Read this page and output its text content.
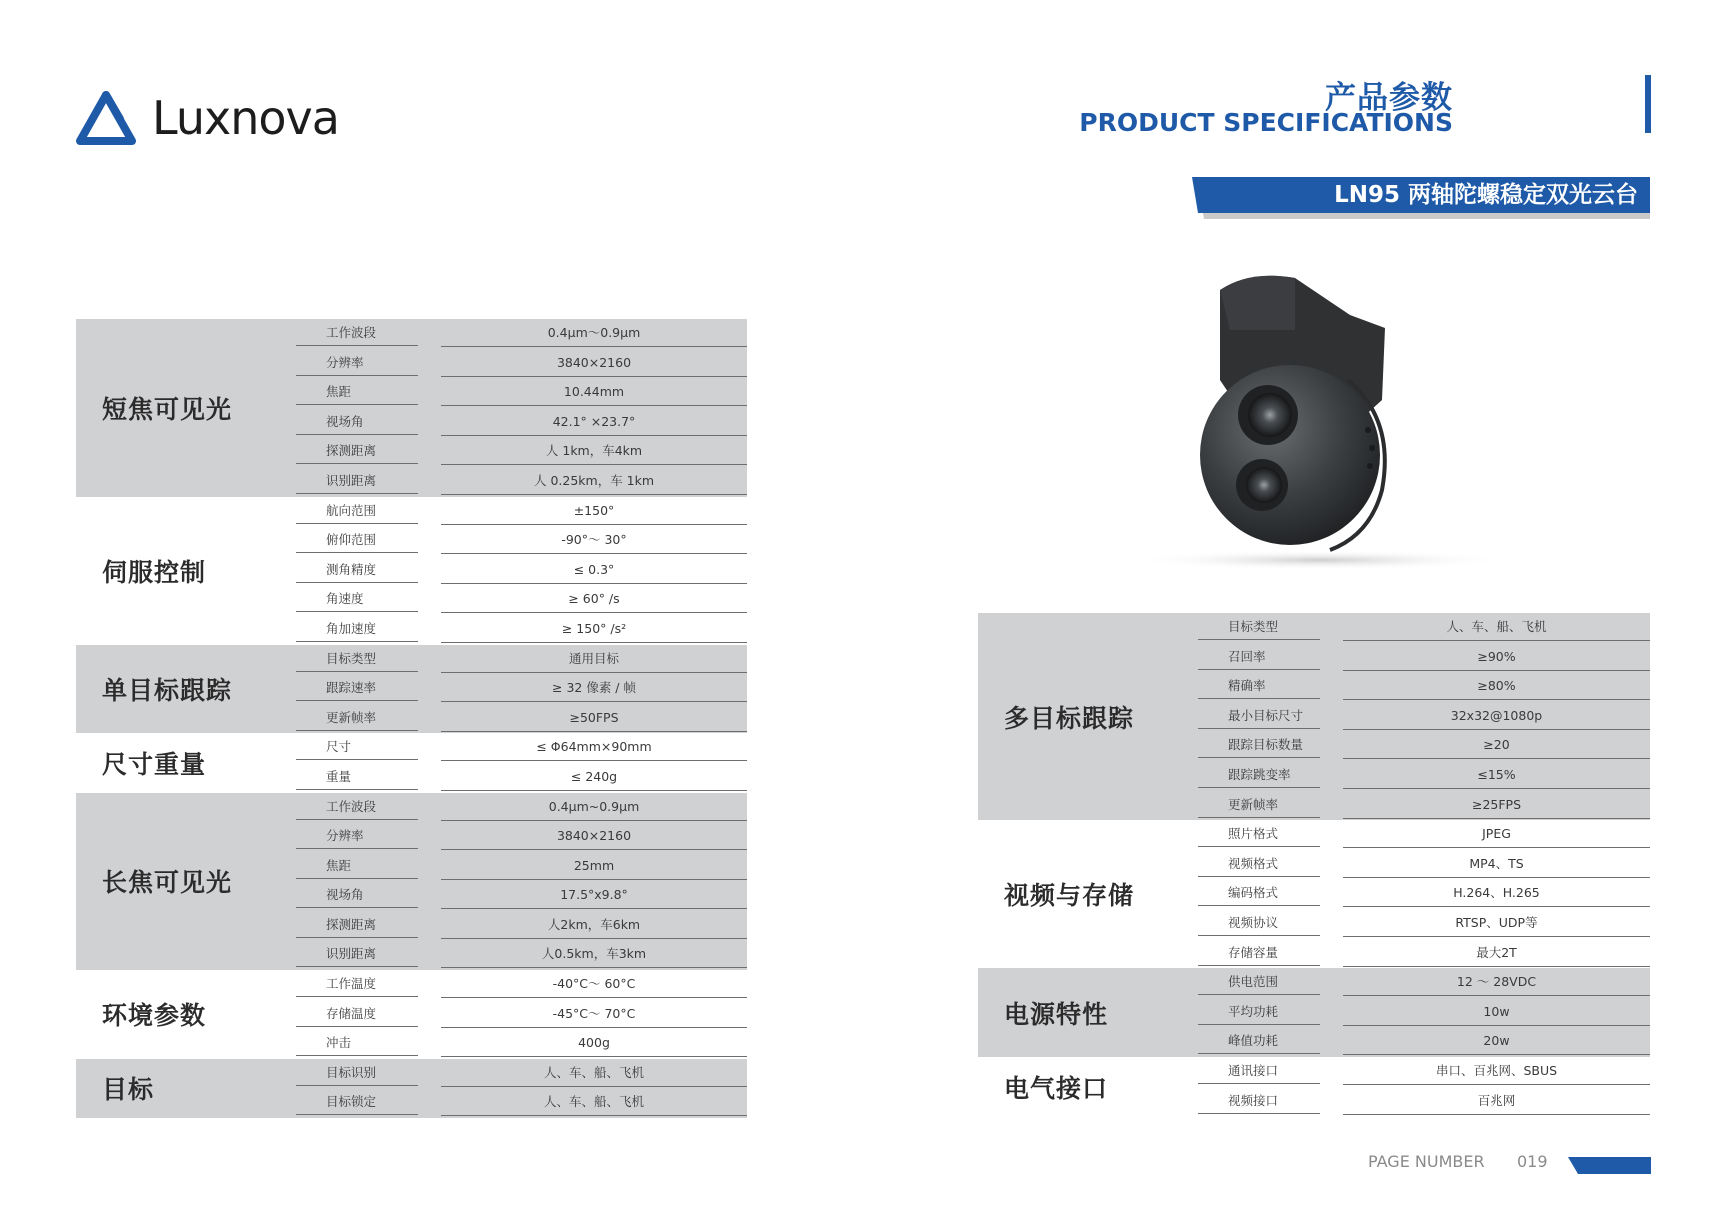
Luxnova	产品参数
PRODUCT SPECIFICATIONS
LN95 两轴陀螺稳定双光云台
短焦可见光
工作波段	0.4μm～0.9μm
分辨率	3840×2160
焦距	10.44mm
视场角	42.1° ×23.7°
探测距离	人 1km，车4km
识别距离	人 0.25km，车 1km
伺服控制
航向范围	±150°
俯仰范围	-90°～ 30°
测角精度	≤ 0.3°
角速度	≥ 60° /s
角加速度	≥ 150° /s²
单目标跟踪
目标类型	通用目标
跟踪速率	≥ 32 像素 / 帧
更新帧率	≥50FPS
尺寸重量
尺寸	≤ Φ64mm×90mm
重量	≤ 240g
长焦可见光
工作波段	0.4μm~0.9μm
分辨率	3840×2160
焦距	25mm
视场角	17.5°x9.8°
探测距离	人2km，车6km
识别距离	人0.5km，车3km
环境参数
工作温度	-40°C～ 60°C
存储温度	-45°C～ 70°C
冲击	400g
目标
目标识别	人、车、船、飞机
目标锁定	人、车、船、飞机
多目标跟踪
目标类型	人、车、船、飞机
召回率	≥90%
精确率	≥80%
最小目标尺寸	32x32@1080p
跟踪目标数量	≥20
跟踪跳变率	≤15%
更新帧率	≥25FPS
视频与存储
照片格式	JPEG
视频格式	MP4、TS
编码格式	H.264、H.265
视频协议	RTSP、UDP等
存储容量	最大2T
电源特性
供电范围	12 ～ 28VDC
平均功耗	10w
峰值功耗	20w
电气接口
通讯接口	串口、百兆网、SBUS
视频接口	百兆网
PAGE NUMBER 019
